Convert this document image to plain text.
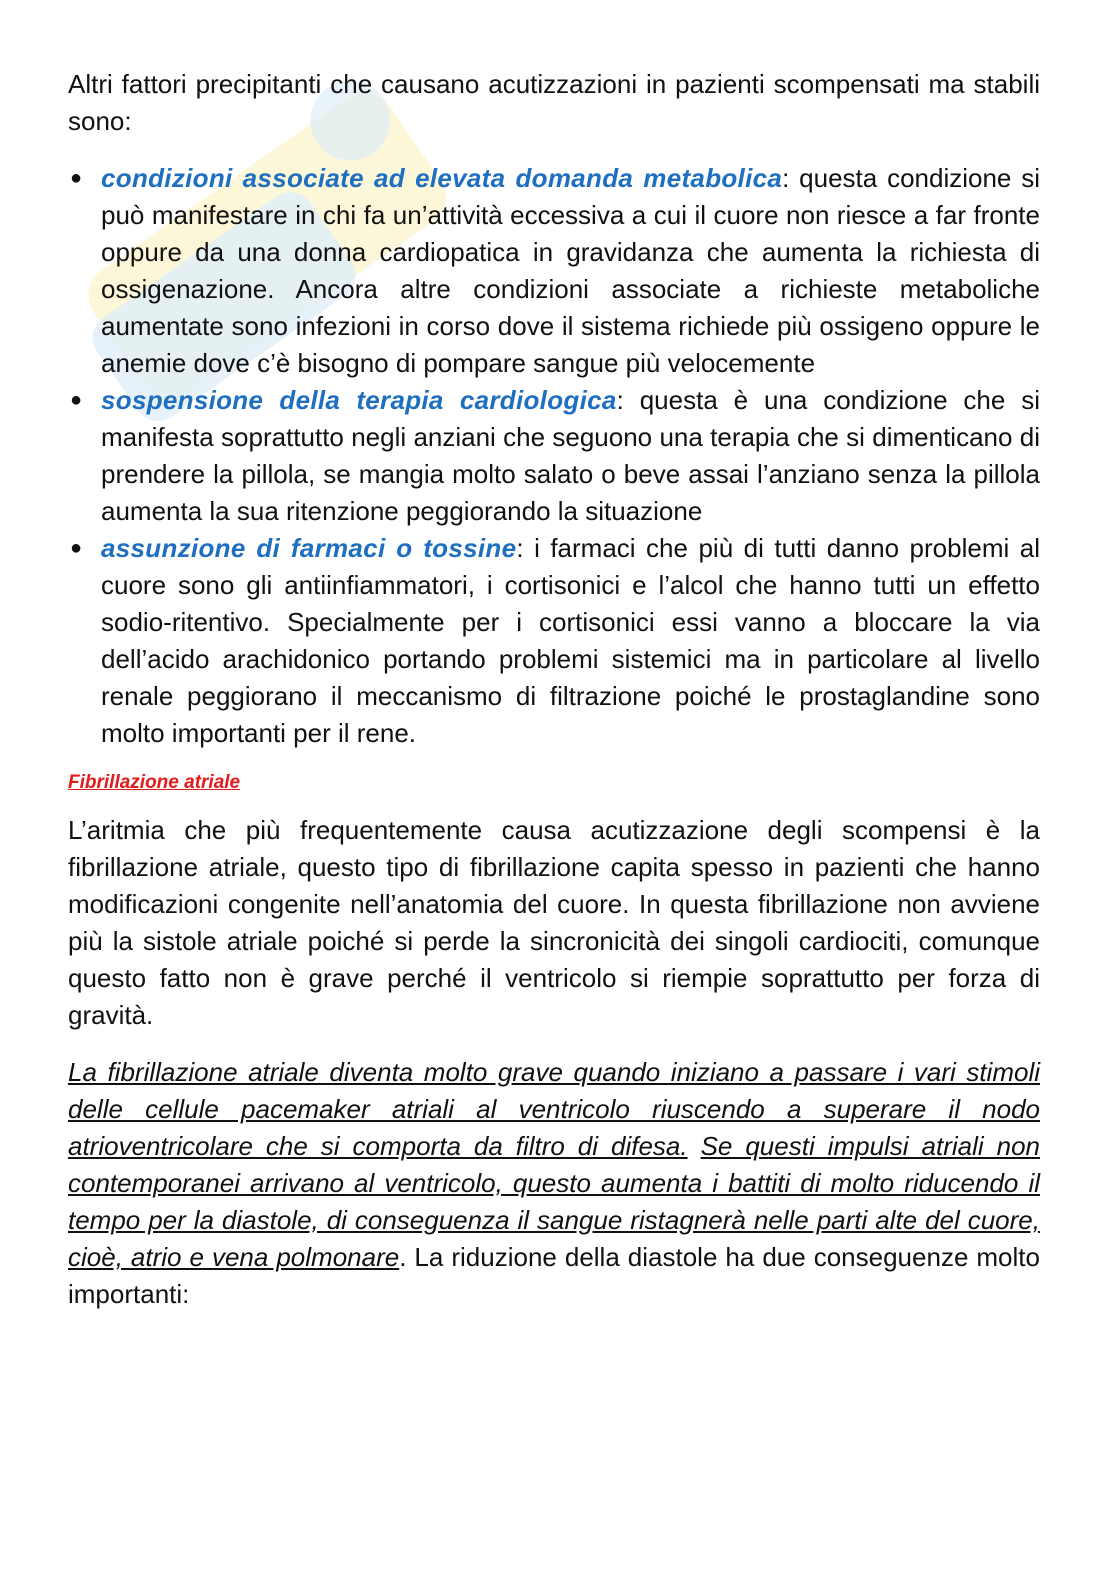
Altri fattori precipitanti che causano acutizzazioni in pazienti scompensati ma stabili sono:

● condizioni associate ad elevata domanda metabolica: questa condizione si può manifestare in chi fa un’attività eccessiva a cui il cuore non riesce a far fronte oppure da una donna cardiopatica in gravidanza che aumenta la richiesta di ossigenazione. Ancora altre condizioni associate a richieste metaboliche aumentate sono infezioni in corso dove il sistema richiede più ossigeno oppure le anemie dove c’è bisogno di pompare sangue più velocemente
● sospensione della terapia cardiologica: questa è una condizione che si manifesta soprattutto negli anziani che seguono una terapia che si dimenticano di prendere la pillola, se mangia molto salato o beve assai l’anziano senza la pillola aumenta la sua ritenzione peggiorando la situazione
● assunzione di farmaci o tossine: i farmaci che più di tutti danno problemi al cuore sono gli antiinfiammatori, i cortisonici e l’alcol che hanno tutti un effetto sodio-ritentivo. Specialmente per i cortisonici essi vanno a bloccare la via dell’acido arachidonico portando problemi sistemici ma in particolare al livello renale peggiorano il meccanismo di filtrazione poiché le prostaglandine sono molto importanti per il rene.
Fibrillazione atriale

L’aritmia che più frequentemente causa acutizzazione degli scompensi è la fibrillazione atriale, questo tipo di fibrillazione capita spesso in pazienti che hanno modificazioni congenite nell’anatomia del cuore. In questa fibrillazione non avviene più la sistole atriale poiché si perde la sincronicità dei singoli cardiociti, comunque questo fatto non è grave perché il ventricolo si riempie soprattutto per forza di gravità.

La fibrillazione atriale diventa molto grave quando iniziano a passare i vari stimoli delle cellule pacemaker atriali al ventricolo riuscendo a superare il nodo atrioventricolare che si comporta da filtro di difesa. Se questi impulsi atriali non contemporanei arrivano al ventricolo, questo aumenta i battiti di molto riducendo il tempo per la diastole, di conseguenza il sangue ristagnerà nelle parti alte del cuore, cioè, atrio e vena polmonare. La riduzione della diastole ha due conseguenze molto importanti:
